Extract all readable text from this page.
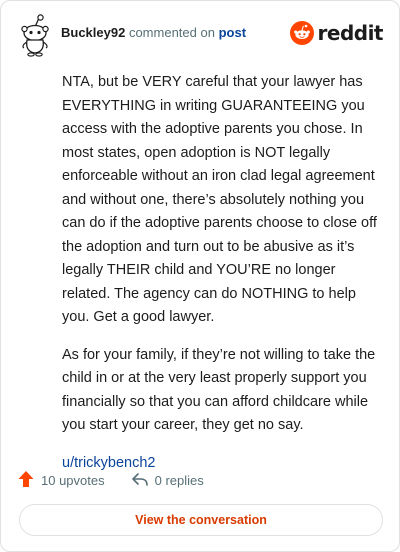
Buckley92 commented on post	reddit

NTA, but be VERY careful that your lawyer has EVERYTHING in writing GUARANTEEING you access with the adoptive parents you chose. In most states, open adoption is NOT legally enforceable without an iron clad legal agreement and without one, there’s absolutely nothing you can do if the adoptive parents choose to close off the adoption and turn out to be abusive as it’s legally THEIR child and YOU’RE no longer related. The agency can do NOTHING to help you. Get a good lawyer.

As for your family, if they’re not willing to take the child in or at the very least properly support you financially so that you can afford childcare while you start your career, they get no say.

u/trickybench2

10 upvotes	0 replies
View the conversation
